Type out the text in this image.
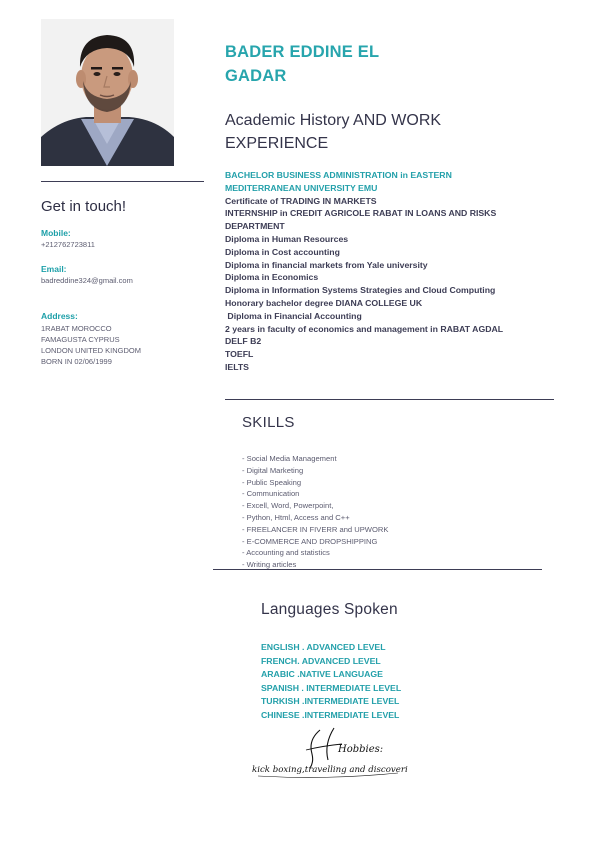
Get in touch!
Mobile:
+212762723811
Email:
badreddine324@gmail.com
Address:
1RABAT MOROCCO
FAMAGUSTA CYPRUS
LONDON UNITED KINGDOM
BORN IN 02/06/1999
BADER EDDINE EL GADAR
Academic History AND WORK EXPERIENCE
BACHELOR BUSINESS ADMINISTRATION in EASTERN
MEDITERRANEAN UNIVERSITY EMU
Certificate of TRADING IN MARKETS
INTERNSHIP in CREDIT AGRICOLE RABAT IN LOANS AND RISKS
DEPARTMENT
Diploma in Human Resources
Diploma in Cost accounting
Diploma in financial markets from Yale university
Diploma in Economics
Diploma in Information Systems Strategies and Cloud Computing
Honorary bachelor degree DIANA COLLEGE UK
Diploma in Financial Accounting
2 years in faculty of economics and management in RABAT AGDAL
DELF B2
TOEFL
IELTS
SKILLS
- Social Media Management
- Digital Marketing
- Public Speaking
- Communication
- Excell, Word, Powerpoint,
- Python, Html, Access and C++
- FREELANCER IN FIVERR and UPWORK
- E-COMMERCE AND DROPSHIPPING
- Accounting and statistics
- Writing articles
Languages Spoken
ENGLISH . ADVANCED LEVEL
FRENCH. ADVANCED LEVEL
ARABIC .NATIVE LANGUAGE
SPANISH . INTERMEDIATE LEVEL
TURKISH .INTERMEDIATE LEVEL
CHINESE .INTERMEDIATE LEVEL
Hobbies:
kick boxing,travelling and discovering
